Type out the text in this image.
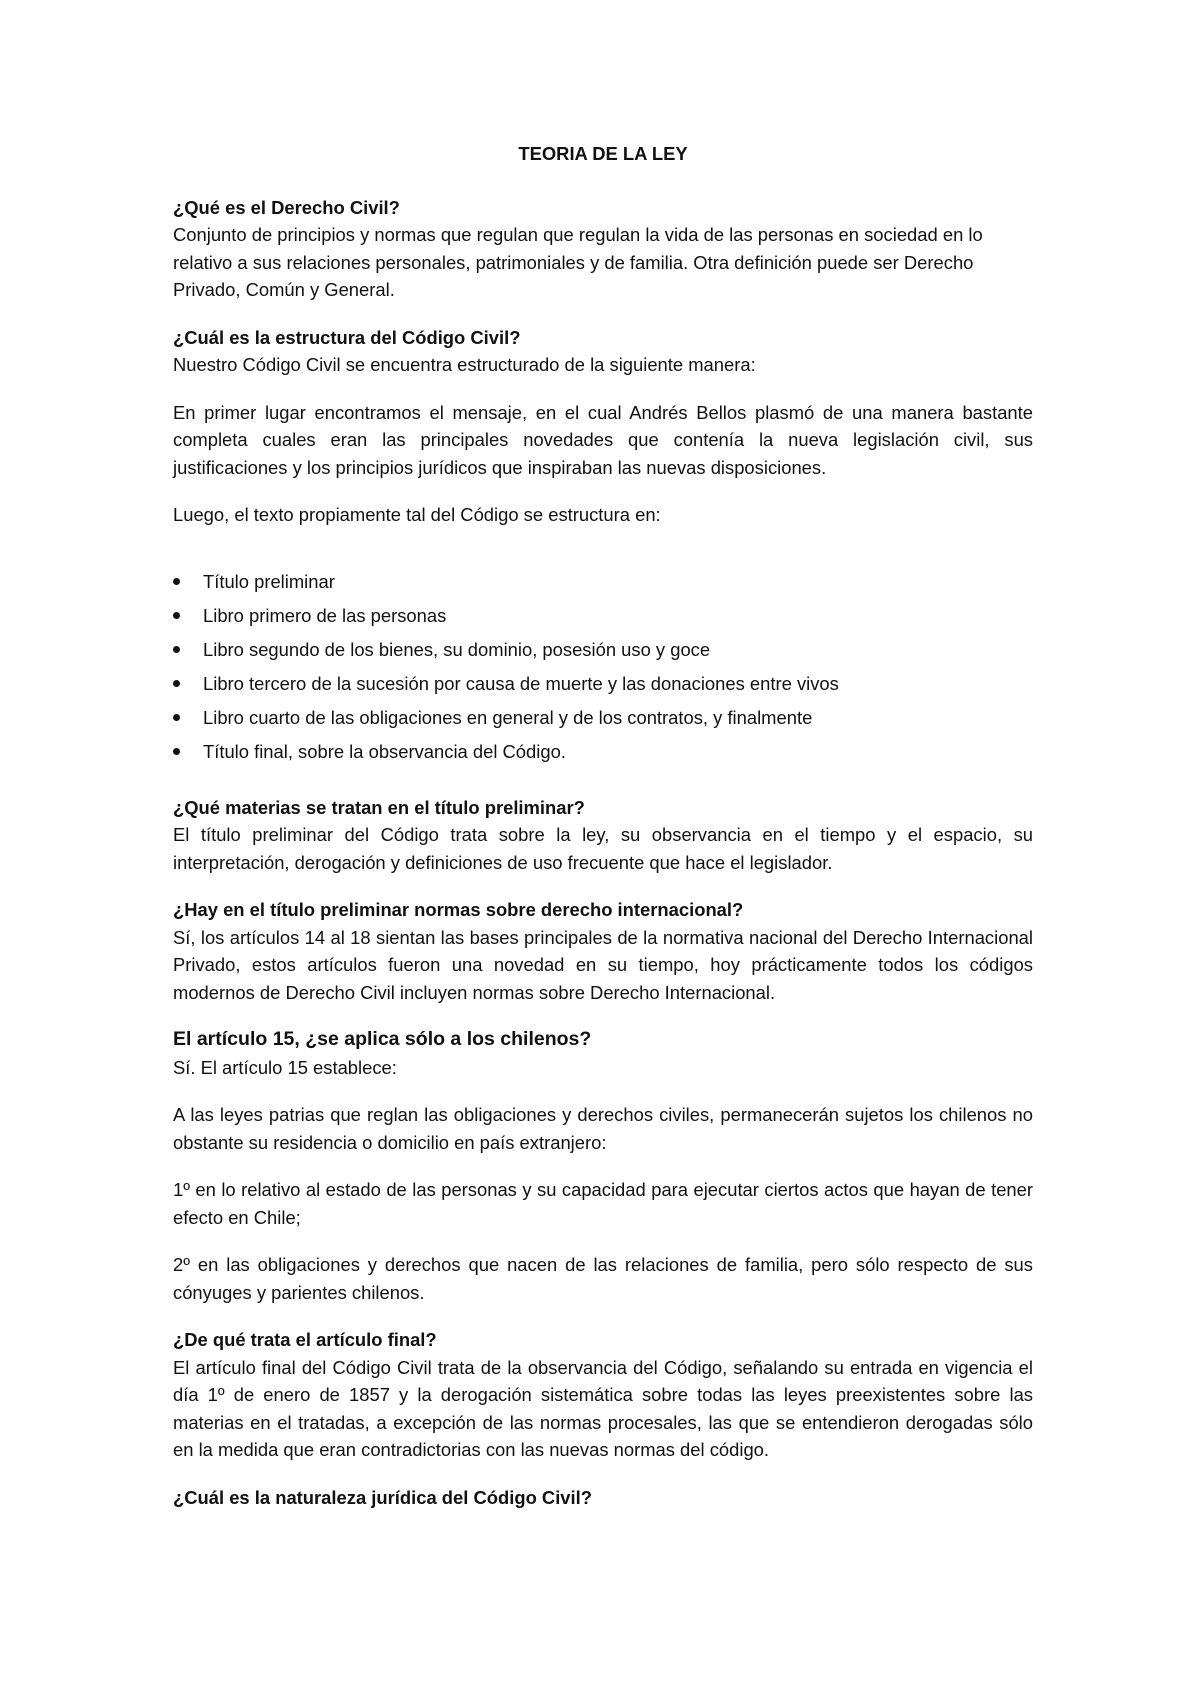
TEORIA DE LA LEY

¿Qué es el Derecho Civil?

Conjunto de principios y normas que regulan que regulan la vida de las personas en sociedad en lo relativo a sus relaciones personales, patrimoniales y de familia. Otra definición puede ser Derecho Privado, Común y General.

¿Cuál es la estructura del Código Civil?

Nuestro Código Civil se encuentra estructurado de la siguiente manera:

En primer lugar encontramos el mensaje, en el cual Andrés Bellos plasmó de una manera bastante completa cuales eran las principales novedades que contenía la nueva legislación civil, sus justificaciones y los principios jurídicos que inspiraban las nuevas disposiciones.

Luego, el texto propiamente tal del Código se estructura en:

Título preliminar
Libro primero de las personas
Libro segundo de los bienes, su dominio, posesión uso y goce
Libro tercero de la sucesión por causa de muerte y las donaciones entre vivos
Libro cuarto de las obligaciones en general y de los contratos, y finalmente
Título final, sobre la observancia del Código.

¿Qué materias se tratan en el título preliminar?

El título preliminar del Código trata sobre la ley, su observancia en el tiempo y el espacio, su interpretación, derogación y definiciones de uso frecuente que hace el legislador.

¿Hay en el título preliminar normas sobre derecho internacional?

Sí, los artículos 14 al 18 sientan las bases principales de la normativa nacional del Derecho Internacional Privado, estos artículos fueron una novedad en su tiempo, hoy prácticamente todos los códigos modernos de Derecho Civil incluyen normas sobre Derecho Internacional.

El artículo 15, ¿se aplica sólo a los chilenos?

Sí. El artículo 15 establece:

A las leyes patrias que reglan las obligaciones y derechos civiles, permanecerán sujetos los chilenos no obstante su residencia o domicilio en país extranjero:

1º en lo relativo al estado de las personas y su capacidad para ejecutar ciertos actos que hayan de tener efecto en Chile;

2º en las obligaciones y derechos que nacen de las relaciones de familia, pero sólo respecto de sus cónyuges y parientes chilenos.

¿De qué trata el artículo final?

El artículo final del Código Civil trata de la observancia del Código, señalando su entrada en vigencia el día 1º de enero de 1857 y la derogación sistemática sobre todas las leyes preexistentes sobre las materias en el tratadas, a excepción de las normas procesales, las que se entendieron derogadas sólo en la medida que eran contradictorias con las nuevas normas del código.

¿Cuál es la naturaleza jurídica del Código Civil?
